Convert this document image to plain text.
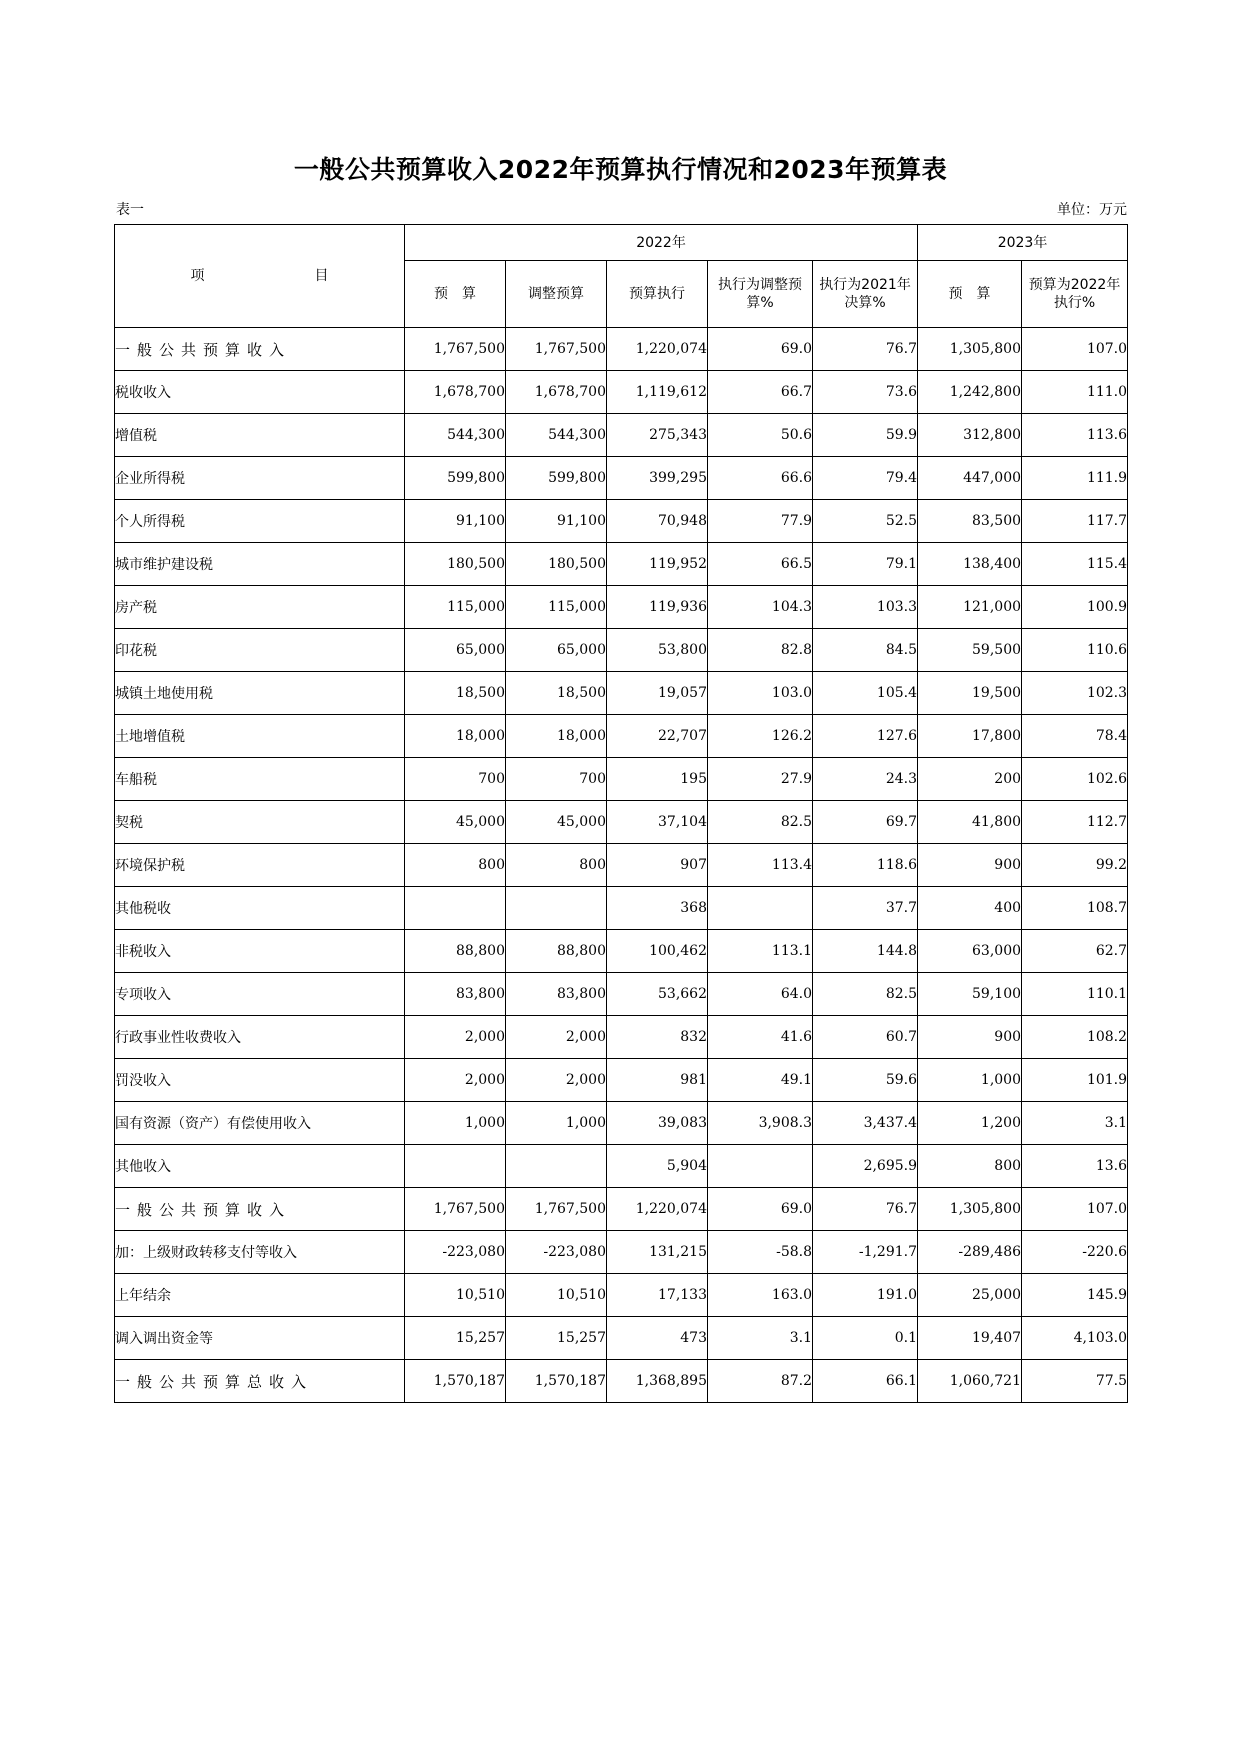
一般公共预算收入2022年预算执行情况和2023年预算表
表一	单位：万元
项 目	2022年					2023年	
	预　算	调整预算	预算执行	执行为调整预算%	执行为2021年决算%	预　算	预算为2022年执行%
一般公共预算收入	1,767,500	1,767,500	1,220,074	69.0	76.7	1,305,800	107.0
税收收入	1,678,700	1,678,700	1,119,612	66.7	73.6	1,242,800	111.0
增值税	544,300	544,300	275,343	50.6	59.9	312,800	113.6
企业所得税	599,800	599,800	399,295	66.6	79.4	447,000	111.9
个人所得税	91,100	91,100	70,948	77.9	52.5	83,500	117.7
城市维护建设税	180,500	180,500	119,952	66.5	79.1	138,400	115.4
房产税	115,000	115,000	119,936	104.3	103.3	121,000	100.9
印花税	65,000	65,000	53,800	82.8	84.5	59,500	110.6
城镇土地使用税	18,500	18,500	19,057	103.0	105.4	19,500	102.3
土地增值税	18,000	18,000	22,707	126.2	127.6	17,800	78.4
车船税	700	700	195	27.9	24.3	200	102.6
契税	45,000	45,000	37,104	82.5	69.7	41,800	112.7
环境保护税	800	800	907	113.4	118.6	900	99.2
其他税收			368		37.7	400	108.7
非税收入	88,800	88,800	100,462	113.1	144.8	63,000	62.7
专项收入	83,800	83,800	53,662	64.0	82.5	59,100	110.1
行政事业性收费收入	2,000	2,000	832	41.6	60.7	900	108.2
罚没收入	2,000	2,000	981	49.1	59.6	1,000	101.9
国有资源（资产）有偿使用收入	1,000	1,000	39,083	3,908.3	3,437.4	1,200	3.1
其他收入			5,904		2,695.9	800	13.6
一般公共预算收入	1,767,500	1,767,500	1,220,074	69.0	76.7	1,305,800	107.0
加：上级财政转移支付等收入	-223,080	-223,080	131,215	-58.8	-1,291.7	-289,486	-220.6
上年结余	10,510	10,510	17,133	163.0	191.0	25,000	145.9
调入调出资金等	15,257	15,257	473	3.1	0.1	19,407	4,103.0
一般公共预算总收入	1,570,187	1,570,187	1,368,895	87.2	66.1	1,060,721	77.5
